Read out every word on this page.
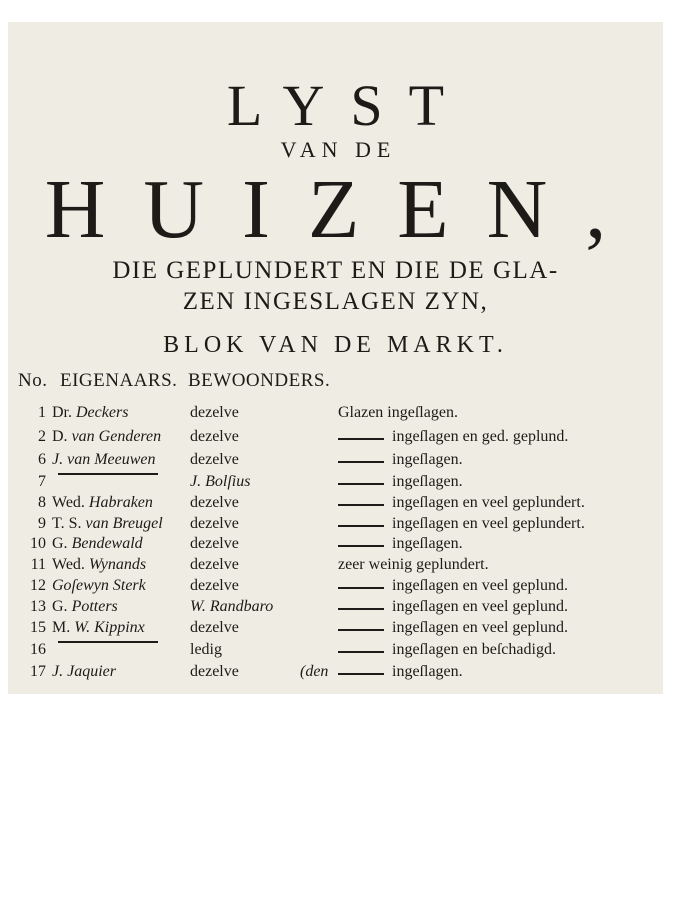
LYST
VAN DE
HUIZEN,
DIE GEPLUNDERT EN DIE DE GLA-
ZEN INGESLAGEN ZYN,
BLOK VAN DE MARKT.
No. EIGENAARS. BEWOONDERS.
1 Dr. Deckers	dezelve	Glazen ingeſlagen.
2 D. van Genderen dezelve	ingeſlagen en ged. geplund.
6 J. van Meeuwen dezelve	ingeſlagen.
7	J. Bolſius	ingeſlagen.
8 Wed. Habraken dezelve	ingeſlagen en veel geplundert.
9 T. S. van Breugel dezelve	ingeſlagen en veel geplundert.
10 G. Bendewald	dezelve	ingeſlagen.
11 Wed. Wynands	dezelve	zeer weinig geplundert.
12 Goſewyn Sterk	dezelve	ingeſlagen en veel geplund.
13 G. Potters	W. Randbaro	ingeſlagen en veel geplund.
15 M. W. Kippinx	dezelve	ingeſlagen en veel geplund.
16	ledig	ingeſlagen en beſchadigd.
17 J. Jaquier	dezelve	(den	ingeſlagen.
